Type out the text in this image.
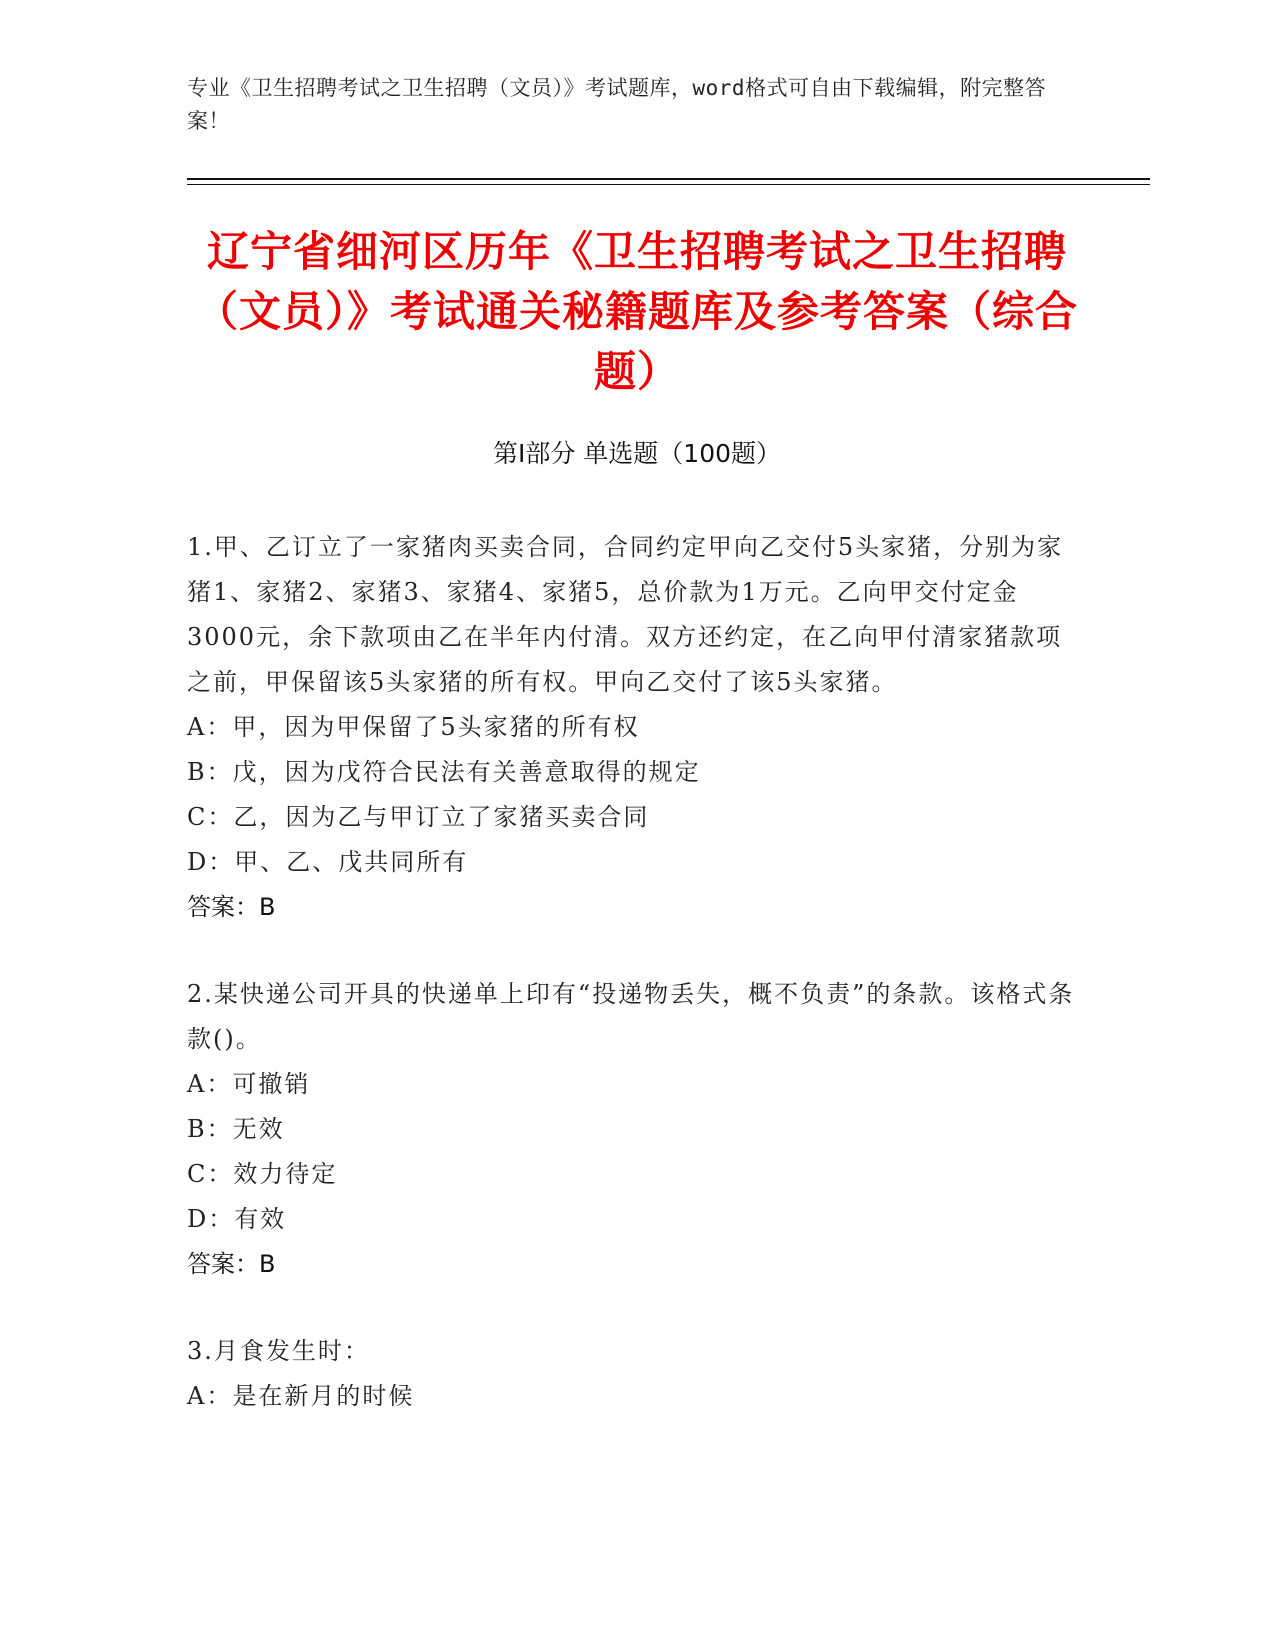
专业《卫生招聘考试之卫生招聘（文员）》考试题库，word格式可自由下载编辑，附完整答案！
辽宁省细河区历年《卫生招聘考试之卫生招聘（文员）》考试通关秘籍题库及参考答案（综合题）
第Ⅰ部分 单选题（100题）
1.甲、乙订立了一家猪肉买卖合同，合同约定甲向乙交付5头家猪，分别为家猪1、家猪2、家猪3、家猪4、家猪5，总价款为1万元。乙向甲交付定金3000元，余下款项由乙在半年内付清。双方还约定，在乙向甲付清家猪款项之前，甲保留该5头家猪的所有权。甲向乙交付了该5头家猪。
A：甲，因为甲保留了5头家猪的所有权
B：戊，因为戊符合民法有关善意取得的规定
C：乙，因为乙与甲订立了家猪买卖合同
D：甲、乙、戊共同所有
答案：B
2.某快递公司开具的快递单上印有“投递物丢失，概不负责”的条款。该格式条款()。
A：可撤销
B：无效
C：效力待定
D：有效
答案：B
3.月食发生时：
A：是在新月的时候
